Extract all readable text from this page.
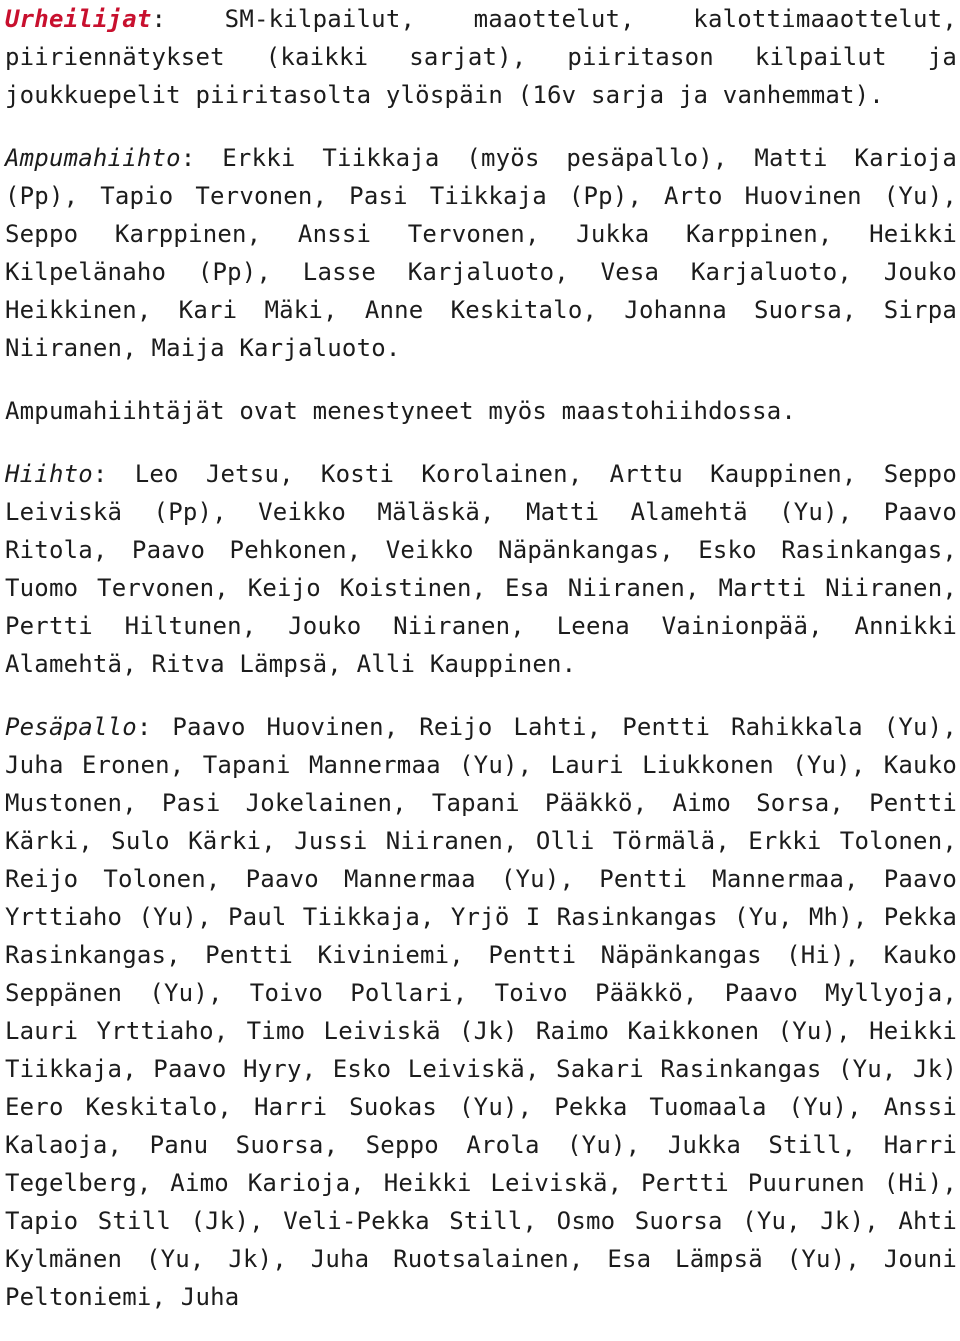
Urheilijat: SM-kilpailut, maaottelut, kalottimaaottelut, piiriennätykset (kaikki sarjat), piiritason kilpailut ja joukkuepelit piiritasolta ylöspäin (16v sarja ja vanhemmat).

Ampumahiihto: Erkki Tiikkaja (myös pesäpallo), Matti Karioja (Pp), Tapio Tervonen, Pasi Tiikkaja (Pp), Arto Huovinen (Yu), Seppo Karppinen, Anssi Tervonen, Jukka Karppinen, Heikki Kilpelänaho (Pp), Lasse Karjaluoto, Vesa Karjaluoto, Jouko Heikkinen, Kari Mäki, Anne Keskitalo, Johanna Suorsa, Sirpa Niiranen, Maija Karjaluoto.

Ampumahiihtäjät ovat menestyneet myös maastohiihdossa.

Hiihto: Leo Jetsu, Kosti Korolainen, Arttu Kauppinen, Seppo Leiviskä (Pp), Veikko Mäläskä, Matti Alamehtä (Yu), Paavo Ritola, Paavo Pehkonen, Veikko Näpänkangas, Esko Rasinkangas, Tuomo Tervonen, Keijo Koistinen, Esa Niiranen, Martti Niiranen, Pertti Hiltunen, Jouko Niiranen, Leena Vainionpää, Annikki Alamehtä, Ritva Lämpsä, Alli Kauppinen.

Pesäpallo: Paavo Huovinen, Reijo Lahti, Pentti Rahikkala (Yu), Juha Eronen, Tapani Mannermaa (Yu), Lauri Liukkonen (Yu), Kauko Mustonen, Pasi Jokelainen, Tapani Pääkkö, Aimo Sorsa, Pentti Kärki, Sulo Kärki, Jussi Niiranen, Olli Törmälä, Erkki Tolonen, Reijo Tolonen, Paavo Mannermaa (Yu), Pentti Mannermaa, Paavo Yrttiaho (Yu), Paul Tiikkaja, Yrjö I Rasinkangas (Yu, Mh), Pekka Rasinkangas, Pentti Kiviniemi, Pentti Näpänkangas (Hi), Kauko Seppänen (Yu), Toivo Pollari, Toivo Pääkkö, Paavo Myllyoja, Lauri Yrttiaho, Timo Leiviskä (Jk) Raimo Kaikkonen (Yu), Heikki Tiikkaja, Paavo Hyry, Esko Leiviskä, Sakari Rasinkangas (Yu, Jk) Eero Keskitalo, Harri Suokas (Yu), Pekka Tuomaala (Yu), Anssi Kalaoja, Panu Suorsa, Seppo Arola (Yu), Jukka Still, Harri Tegelberg, Aimo Karioja, Heikki Leiviskä, Pertti Puurunen (Hi), Tapio Still (Jk), Veli-Pekka Still, Osmo Suorsa (Yu, Jk), Ahti Kylmänen (Yu, Jk), Juha Ruotsalainen, Esa Lämpsä (Yu), Jouni Peltoniemi, Juha
